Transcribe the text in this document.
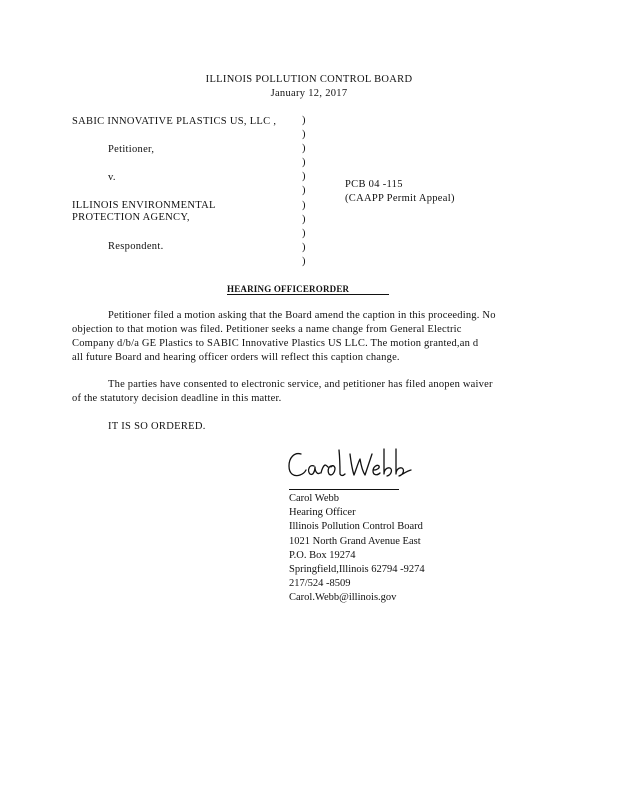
ILLINOIS POLLUTION CONTROL BOARD
January 12, 2017
SABIC INNOVATIVE PLASTICS US, LLC ,
Petitioner,
v.
ILLINOIS ENVIRONMENTAL
PROTECTION AGENCY,
Respondent.
)
)
)
)
)
)
)
)
)
)
)
PCB 04 -115
(CAAPP Permit Appeal)
HEARING OFFICERORDER
Petitioner filed a motion asking that the Board amend the caption in this proceeding. No
objection to that motion was filed. Petitioner seeks a name change from General Electric
Company d/b/a GE Plastics to SABIC Innovative Plastics US LLC. The motion granted,an d
all future Board and hearing officer orders will reflect this caption change.
The parties have consented to electronic service, and petitioner has filed anopen waiver
of the statutory decision deadline in this matter.
IT IS SO ORDERED.
Carol Webb
Hearing Officer
Illinois Pollution Control Board
1021 North Grand Avenue East
P.O. Box 19274
Springfield,Illinois 62794 -9274
217/524 -8509
Carol.Webb@illinois.gov
